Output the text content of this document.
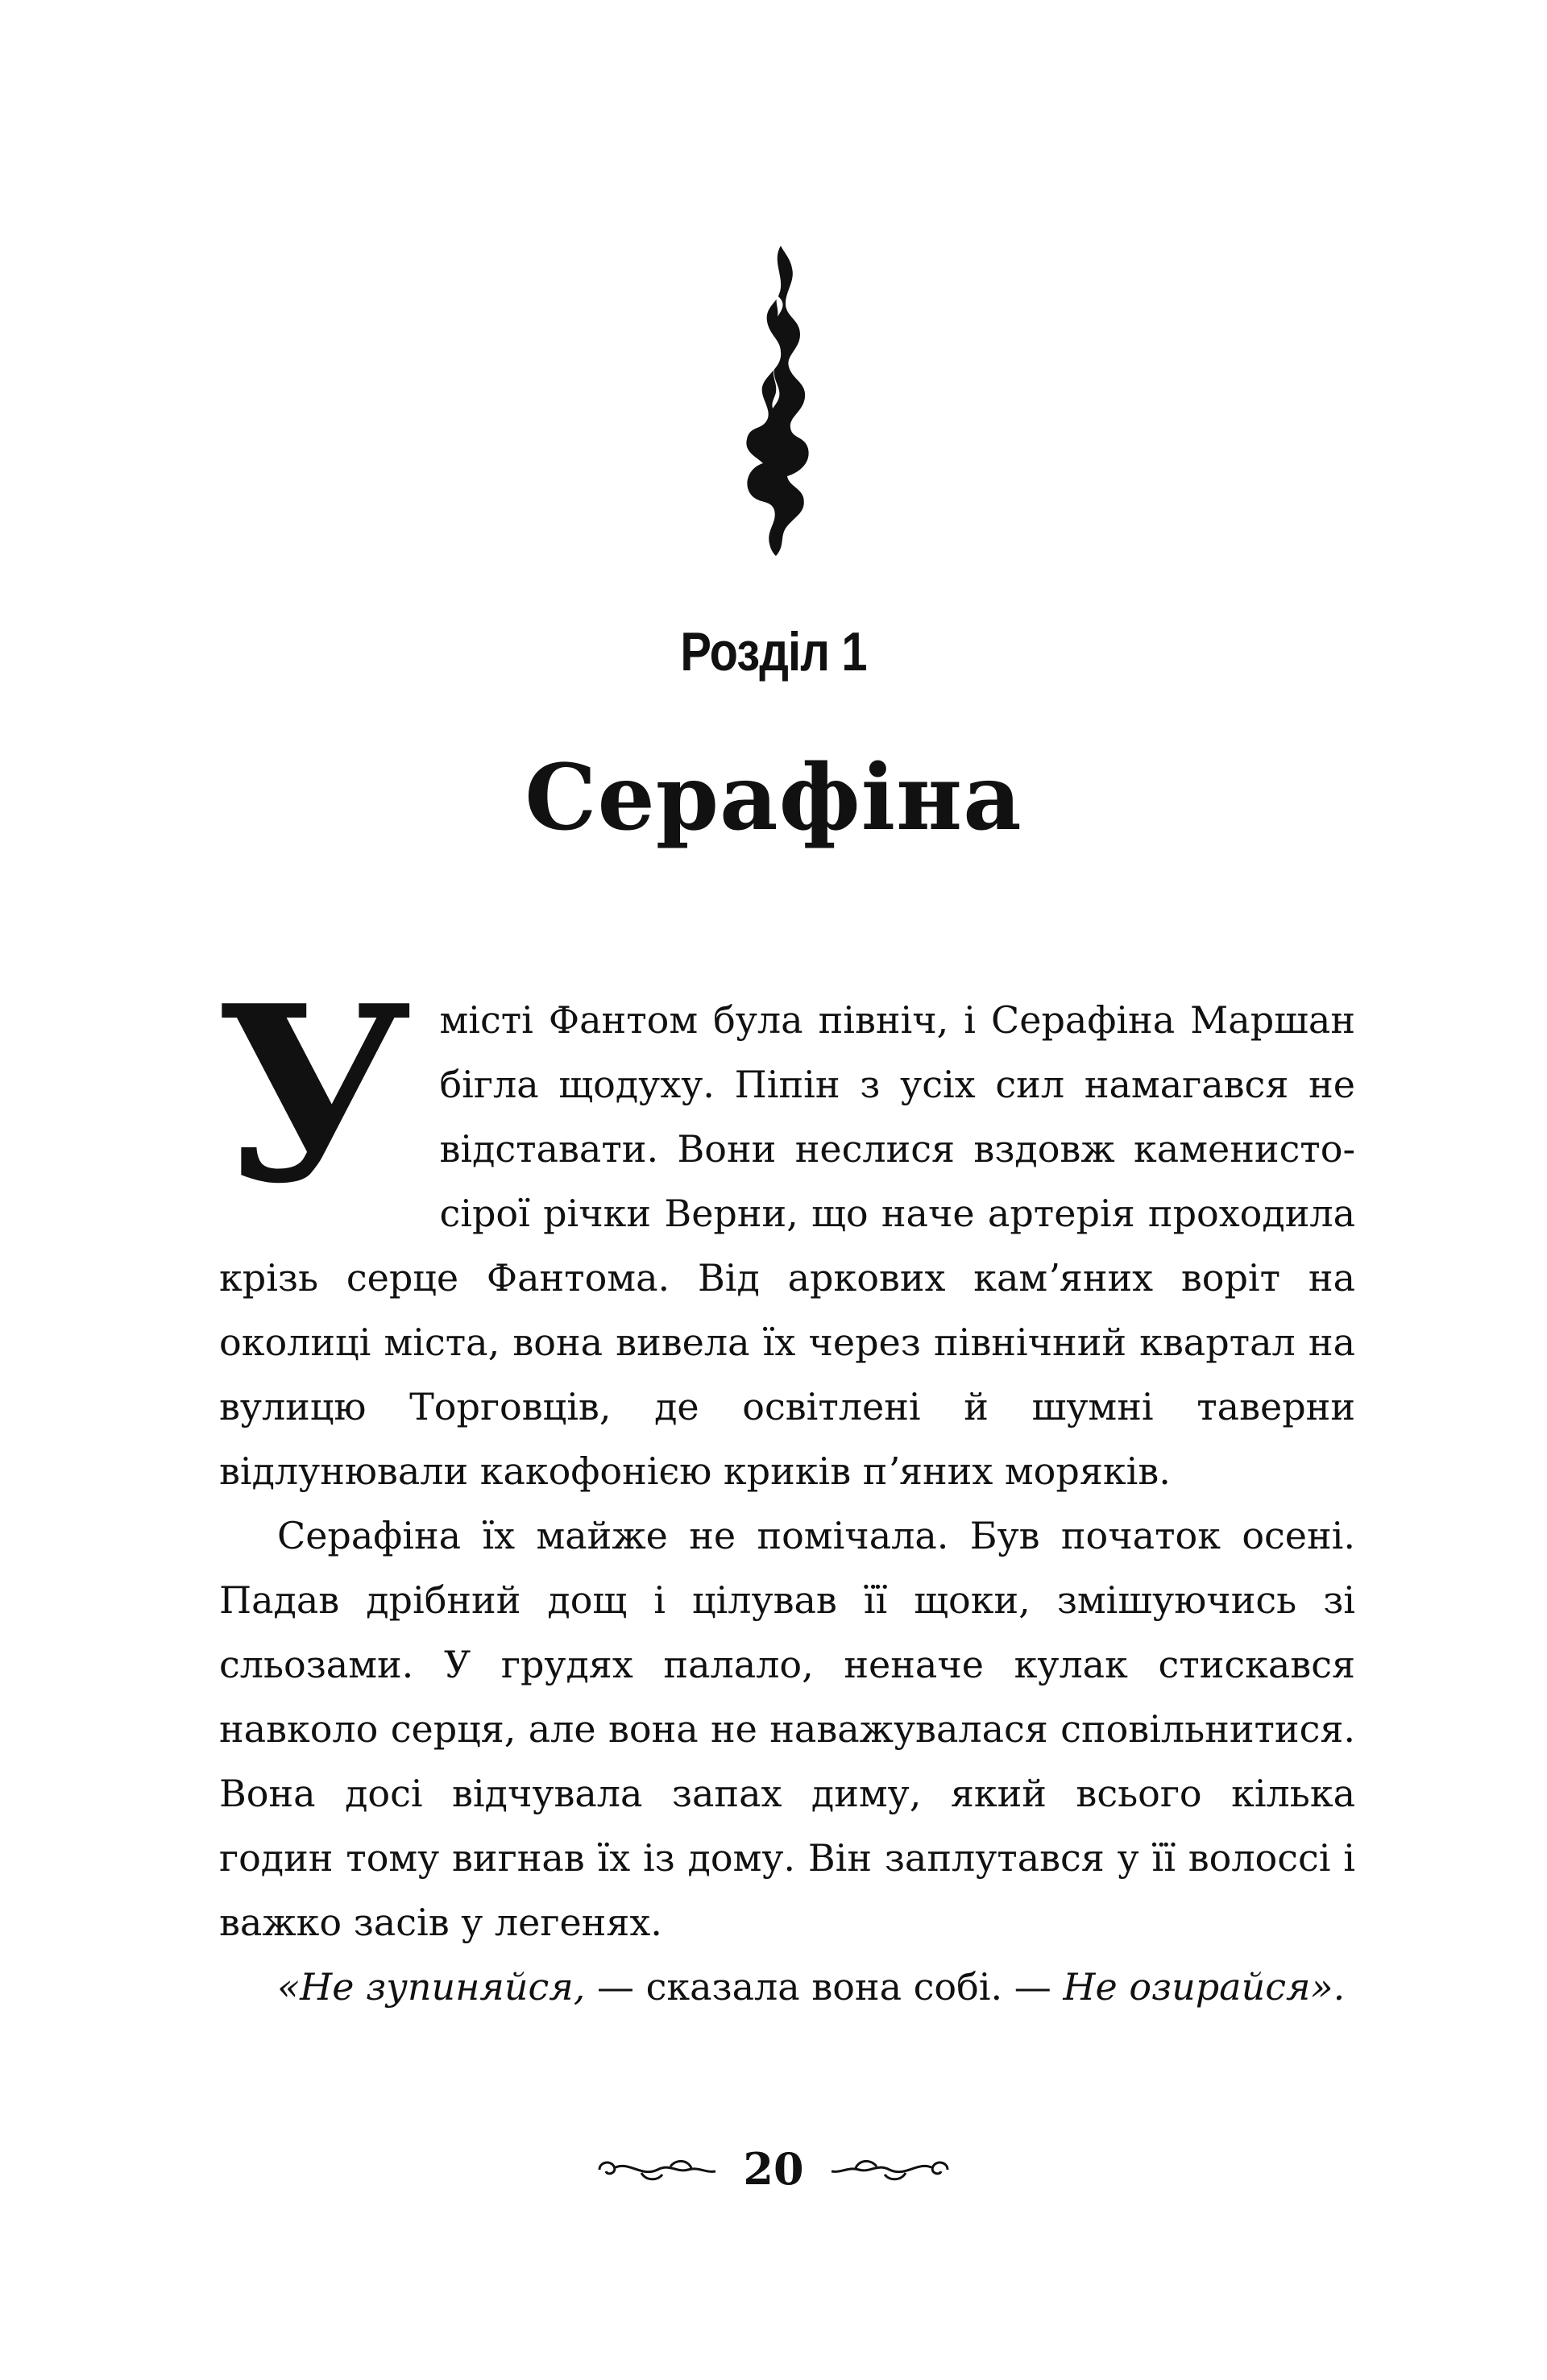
Розділ 1
Серафіна

Умісті Фантом була північ, і Серафіна Маршан бігла щодуху. Піпін з усіх сил намагався не відставати. Вони неслися вздовж каменисто-сірої річки Верни, що наче артерія проходила крізь серце Фантома. Від аркових камʼяних воріт на околиці міста, вона вивела їх через північний квартал на вулицю Торговців, де освітлені й шумні таверни відлунювали какофонією криків пʼяних моряків.

Серафіна їх майже не помічала. Був початок осені. Падав дрібний дощ і цілував її щоки, змішуючись зі сльозами. У грудях палало, неначе кулак стискався навколо серця, але вона не наважувалася сповільнитися. Вона досі відчувала запах диму, який всього кілька годин тому вигнав їх із дому. Він заплутався у її волоссі і важко засів у легенях.

«Не зупиняйся, — сказала вона собі. — Не озирайся».

20
